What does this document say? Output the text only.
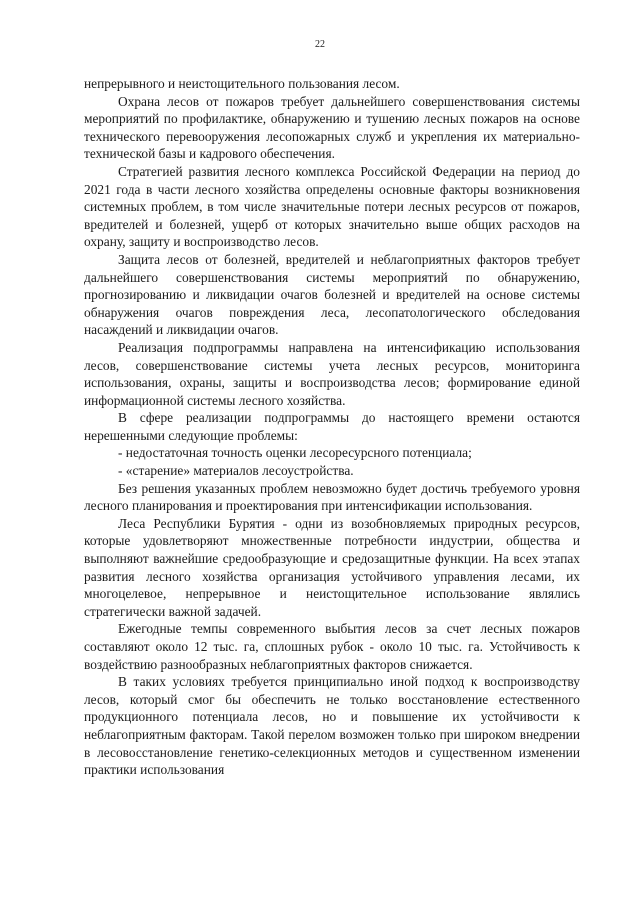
22

непрерывного и неистощительного пользования лесом.

Охрана лесов от пожаров требует дальнейшего совершенствования системы мероприятий по профилактике, обнаружению и тушению лесных пожаров на основе технического перевооружения лесопожарных служб и укрепления их материально-технической базы и кадрового обеспечения.

Стратегией развития лесного комплекса Российской Федерации на период до 2021 года в части лесного хозяйства определены основные факторы возникновения системных проблем, в том числе значительные потери лесных ресурсов от пожаров, вредителей и болезней, ущерб от которых значительно выше общих расходов на охрану, защиту и воспроизводство лесов.

Защита лесов от болезней, вредителей и неблагоприятных факторов требует дальнейшего совершенствования системы мероприятий по обнаружению, прогнозированию и ликвидации очагов болезней и вредителей на основе системы обнаружения очагов повреждения леса, лесопатологического обследования насаждений и ликвидации очагов.

Реализация подпрограммы направлена на интенсификацию использования лесов, совершенствование системы учета лесных ресурсов, мониторинга использования, охраны, защиты и воспроизводства лесов; формирование единой информационной системы лесного хозяйства.

В сфере реализации подпрограммы до настоящего времени остаются нерешенными следующие проблемы:

- недостаточная точность оценки лесоресурсного потенциала;

- «старение» материалов лесоустройства.

Без решения указанных проблем невозможно будет достичь требуемого уровня лесного планирования и проектирования при интенсификации использования.

Леса Республики Бурятия - одни из возобновляемых природных ресурсов, которые удовлетворяют множественные потребности индустрии, общества и выполняют важнейшие средообразующие и средозащитные функции. На всех этапах развития лесного хозяйства организация устойчивого управления лесами, их многоцелевое, непрерывное и неистощительное использование являлись стратегически важной задачей.

Ежегодные темпы современного выбытия лесов за счет лесных пожаров составляют около 12 тыс. га, сплошных рубок - около 10 тыс. га. Устойчивость к воздействию разнообразных неблагоприятных факторов снижается.

В таких условиях требуется принципиально иной подход к воспроизводству лесов, который смог бы обеспечить не только восстановление естественного продукционного потенциала лесов, но и повышение их устойчивости к неблагоприятным факторам. Такой перелом возможен только при широком внедрении в лесовосстановление генетико-селекционных методов и существенном изменении практики использования
